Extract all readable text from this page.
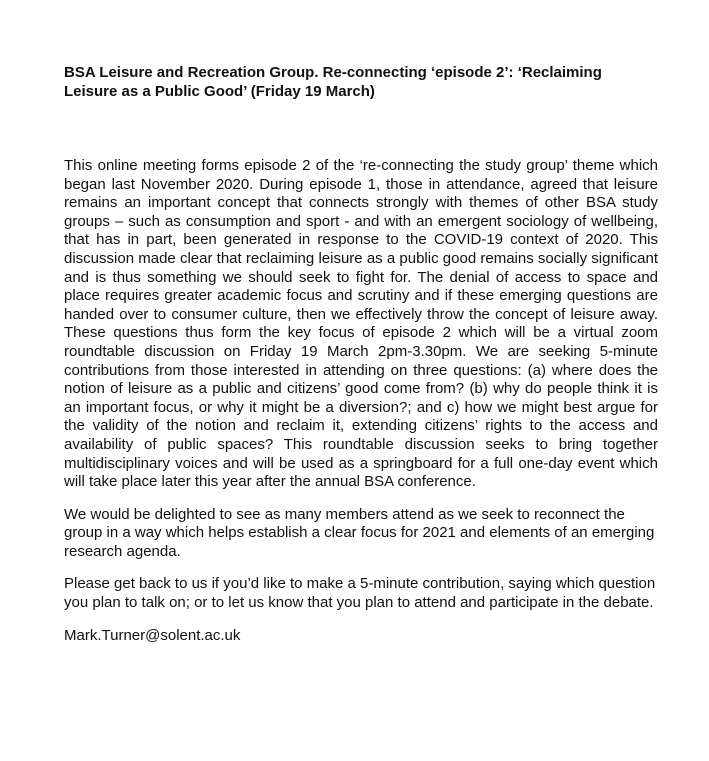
BSA Leisure and Recreation Group. Re-connecting ‘episode 2’: ‘Reclaiming Leisure as a Public Good’ (Friday 19 March)

This online meeting forms episode 2 of the ‘re-connecting the study group’ theme which began last November 2020. During episode 1, those in attendance, agreed that leisure remains an important concept that connects strongly with themes of other BSA study groups – such as consumption and sport - and with an emergent sociology of wellbeing, that has in part, been generated in response to the COVID-19 context of 2020. This discussion made clear that reclaiming leisure as a public good remains socially significant and is thus something we should seek to fight for. The denial of access to space and place requires greater academic focus and scrutiny and if these emerging questions are handed over to consumer culture, then we effectively throw the concept of leisure away. These questions thus form the key focus of episode 2 which will be a virtual zoom roundtable discussion on Friday 19 March 2pm-3.30pm. We are seeking 5-minute contributions from those interested in attending on three questions: (a) where does the notion of leisure as a public and citizens’ good come from? (b) why do people think it is an important focus, or why it might be a diversion?; and c) how we might best argue for the validity of the notion and reclaim it, extending citizens’ rights to the access and availability of public spaces? This roundtable discussion seeks to bring together multidisciplinary voices and will be used as a springboard for a full one-day event which will take place later this year after the annual BSA conference.

We would be delighted to see as many members attend as we seek to reconnect the group in a way which helps establish a clear focus for 2021 and elements of an emerging research agenda.

Please get back to us if you’d like to make a 5-minute contribution, saying which question you plan to talk on; or to let us know that you plan to attend and participate in the debate.

Mark.Turner@solent.ac.uk
